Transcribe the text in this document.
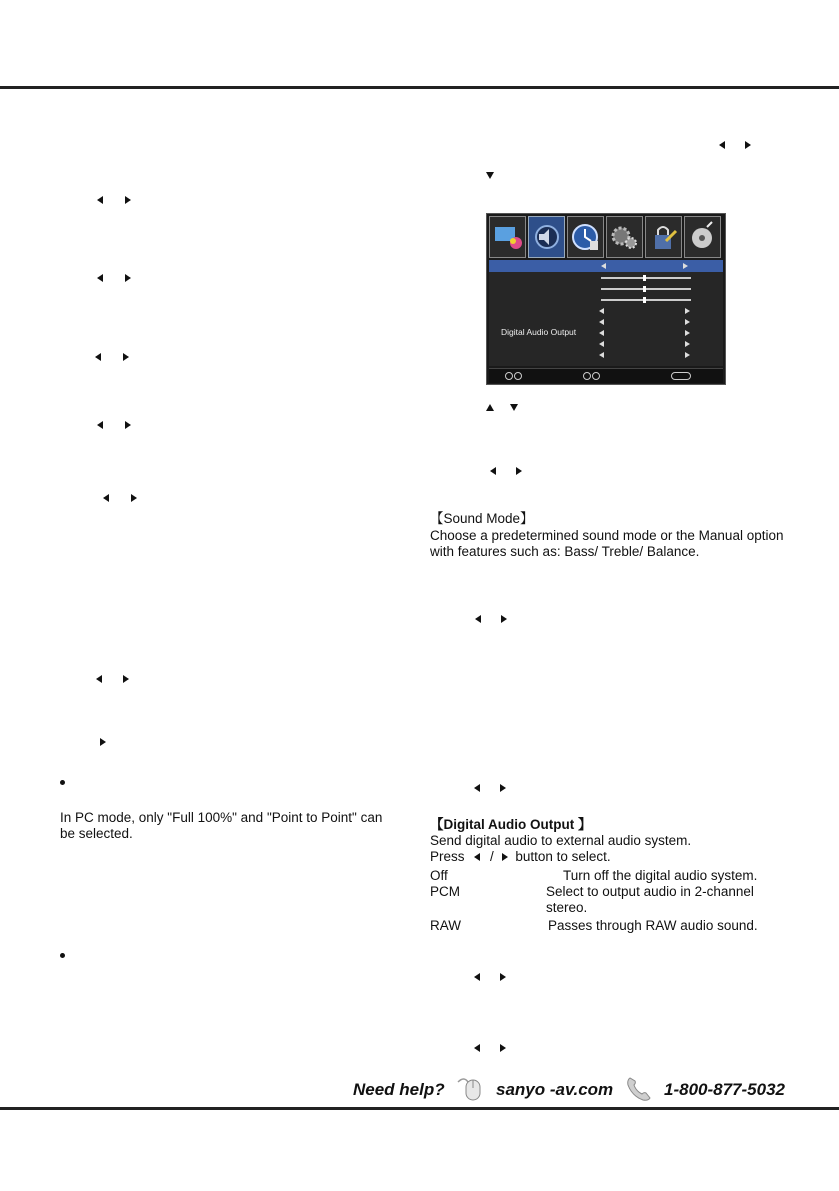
In PC mode, only "Full 100%" and "Point to Point" can
be selected.
Digital Audio Output
【Sound Mode】
Choose a predetermined sound mode or the Manual option
with features such as: Bass/ Treble/ Balance.
【Digital Audio Output 】
Send digital audio to external audio system.
Press / button to select.
Off	Turn off the digital audio system.
PCM	Select to output audio in 2-channel
stereo.
RAW	Passes through RAW audio sound.
Need help?	sanyo -av.com	1-800-877-5032
